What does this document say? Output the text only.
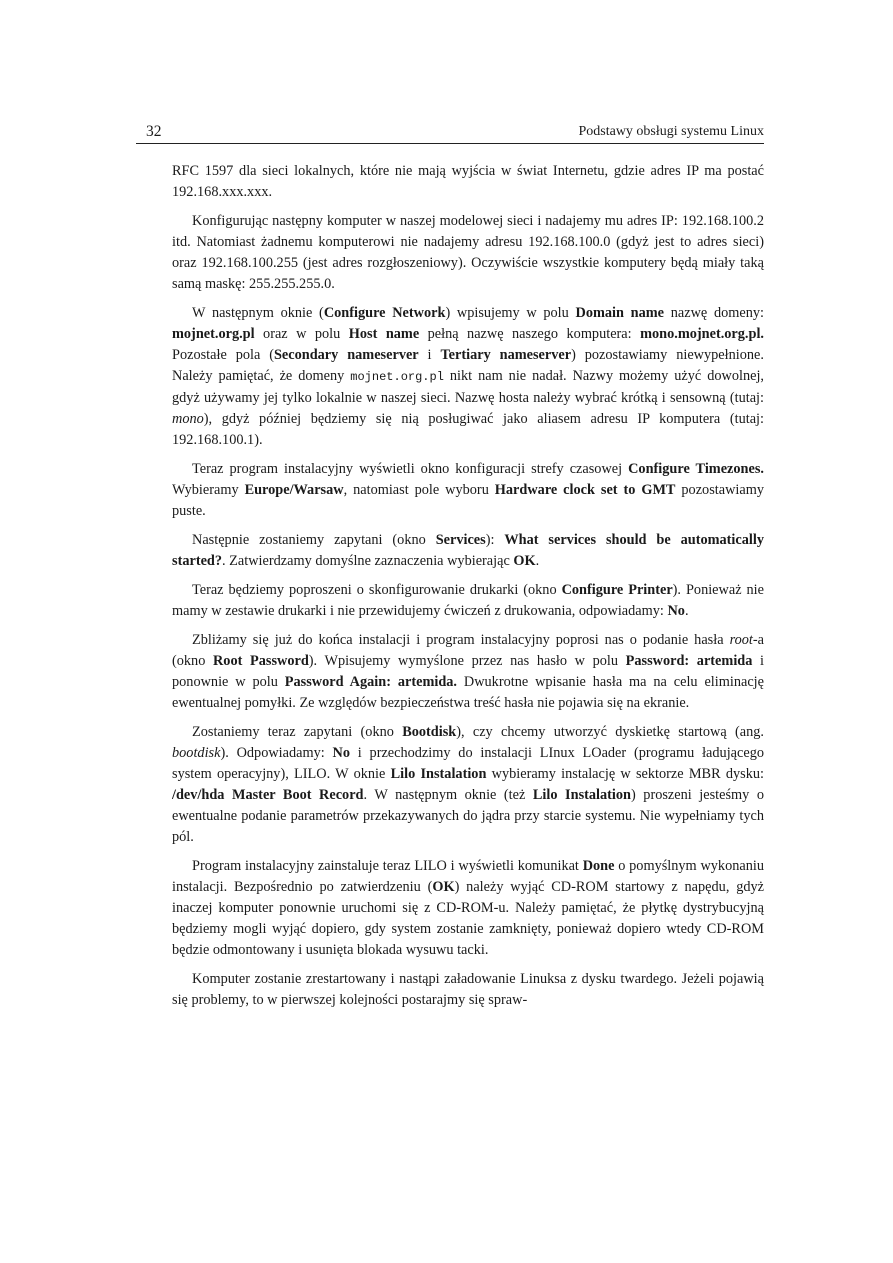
32	Podstawy obsługi systemu Linux

RFC 1597 dla sieci lokalnych, które nie mają wyjścia w świat Internetu, gdzie adres IP ma postać 192.168.xxx.xxx.

Konfigurując następny komputer w naszej modelowej sieci i nadajemy mu adres IP: 192.168.100.2 itd. Natomiast żadnemu komputerowi nie nadajemy adresu 192.168.100.0 (gdyż jest to adres sieci) oraz 192.168.100.255 (jest adres rozgłoszeniowy). Oczywiście wszystkie komputery będą miały taką samą maskę: 255.255.255.0.

W następnym oknie (Configure Network) wpisujemy w polu Domain name nazwę domeny: mojnet.org.pl oraz w polu Host name pełną nazwę naszego komputera: mono.mojnet.org.pl. Pozostałe pola (Secondary nameserver i Tertiary nameserver) pozostawiamy niewypełnione. Należy pamiętać, że domeny mojnet.org.pl nikt nam nie nadał. Nazwy możemy użyć dowolnej, gdyż używamy jej tylko lokalnie w naszej sieci. Nazwę hosta należy wybrać krótką i sensowną (tutaj: mono), gdyż później będziemy się nią posługiwać jako aliasem adresu IP komputera (tutaj: 192.168.100.1).

Teraz program instalacyjny wyświetli okno konfiguracji strefy czasowej Configure Timezones. Wybieramy Europe/Warsaw, natomiast pole wyboru Hardware clock set to GMT pozostawiamy puste.

Następnie zostaniemy zapytani (okno Services): What services should be automatically started?. Zatwierdzamy domyślne zaznaczenia wybierając OK.

Teraz będziemy poproszeni o skonfigurowanie drukarki (okno Configure Printer). Ponieważ nie mamy w zestawie drukarki i nie przewidujemy ćwiczeń z drukowania, odpowiadamy: No.

Zbliżamy się już do końca instalacji i program instalacyjny poprosi nas o podanie hasła root-a (okno Root Password). Wpisujemy wymyślone przez nas hasło w polu Password: artemida i ponownie w polu Password Again: artemida. Dwukrotne wpisanie hasła ma na celu eliminację ewentualnej pomyłki. Ze względów bezpieczeństwa treść hasła nie pojawia się na ekranie.

Zostaniemy teraz zapytani (okno Bootdisk), czy chcemy utworzyć dyskietkę startową (ang. bootdisk). Odpowiadamy: No i przechodzimy do instalacji LInux LOader (programu ładującego system operacyjny), LILO. W oknie Lilo Instalation wybieramy instalację w sektorze MBR dysku: /dev/hda Master Boot Record. W następnym oknie (też Lilo Instalation) proszeni jesteśmy o ewentualne podanie parametrów przekazywanych do jądra przy starcie systemu. Nie wypełniamy tych pól.

Program instalacyjny zainstaluje teraz LILO i wyświetli komunikat Done o pomyślnym wykonaniu instalacji. Bezpośrednio po zatwierdzeniu (OK) należy wyjąć CD-ROM startowy z napędu, gdyż inaczej komputer ponownie uruchomi się z CD-ROM-u. Należy pamiętać, że płytkę dystrybucyjną będziemy mogli wyjąć dopiero, gdy system zostanie zamknięty, ponieważ dopiero wtedy CD-ROM będzie odmontowany i usunięta blokada wysuwu tacki.

Komputer zostanie zrestartowany i nastąpi załadowanie Linuksa z dysku twardego. Jeżeli pojawią się problemy, to w pierwszej kolejności postarajmy się spraw-
